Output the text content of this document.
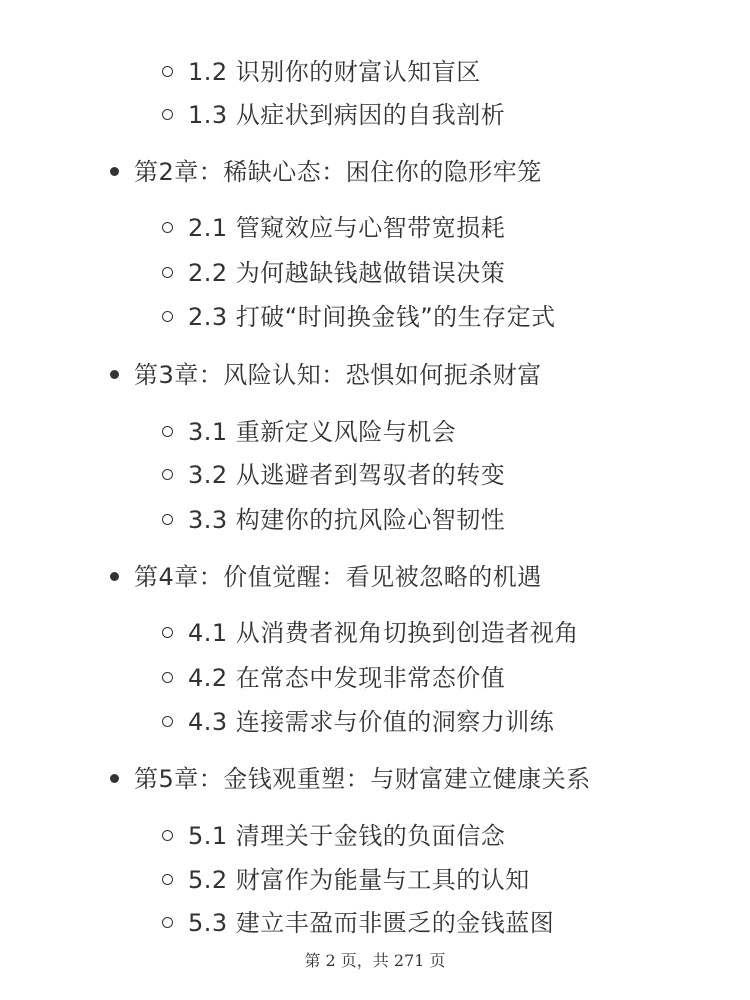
1.2 识别你的财富认知盲区
1.3 从症状到病因的自我剖析
第2章：稀缺心态：困住你的隐形牢笼
2.1 管窥效应与心智带宽损耗
2.2 为何越缺钱越做错误决策
2.3 打破“时间换金钱”的生存定式
第3章：风险认知：恐惧如何扼杀财富
3.1 重新定义风险与机会
3.2 从逃避者到驾驭者的转变
3.3 构建你的抗风险心智韧性
第4章：价值觉醒：看见被忽略的机遇
4.1 从消费者视角切换到创造者视角
4.2 在常态中发现非常态价值
4.3 连接需求与价值的洞察力训练
第5章：金钱观重塑：与财富建立健康关系
5.1 清理关于金钱的负面信念
5.2 财富作为能量与工具的认知
5.3 建立丰盈而非匮乏的金钱蓝图
第 2 页，共 271 页
